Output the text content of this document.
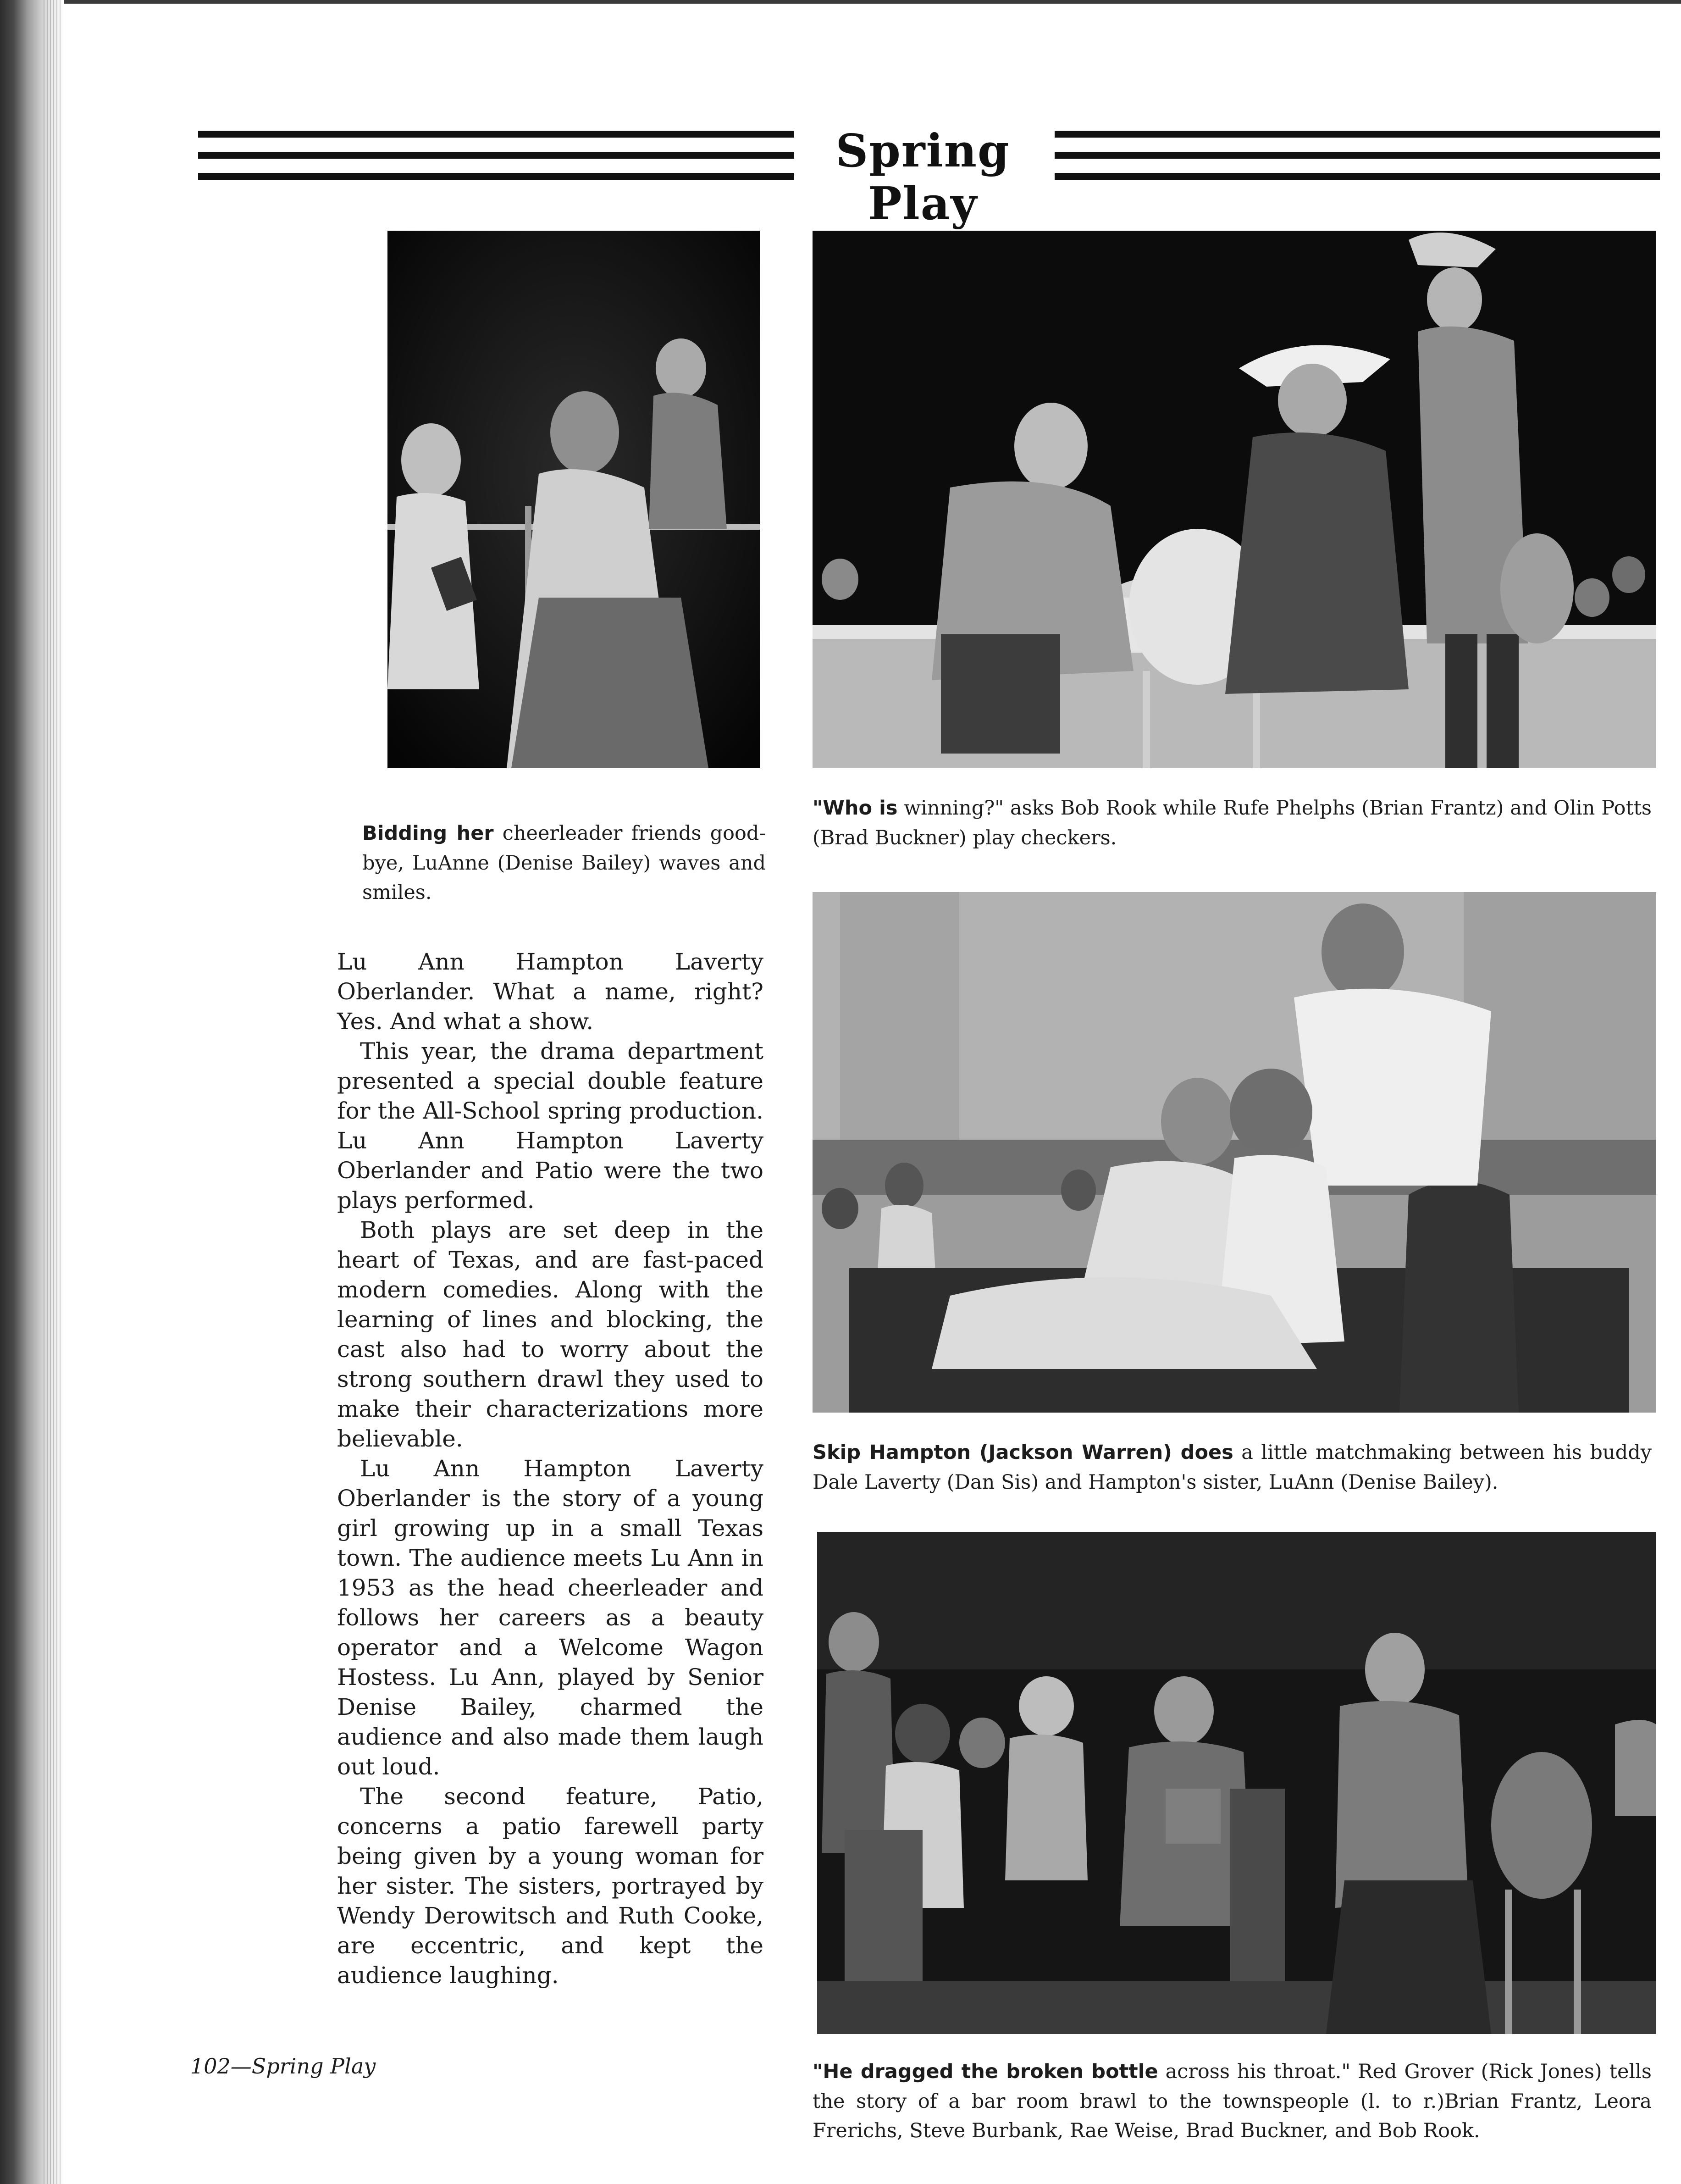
Spring Play
Bidding her cheerleader friends good-bye, LuAnne (Denise Bailey) waves and smiles.
"Who is winning?" asks Bob Rook while Rufe Phelphs (Brian Frantz) and Olin Potts (Brad Buckner) play checkers.
Skip Hampton (Jackson Warren) does a little matchmaking between his buddy Dale Laverty (Dan Sis) and Hampton's sister, LuAnn (Denise Bailey).
"He dragged the broken bottle across his throat." Red Grover (Rick Jones) tells the story of a bar room brawl to the townspeople (l. to r.)Brian Frantz, Leora Frerichs, Steve Burbank, Rae Weise, Brad Buckner, and Bob Rook.

Lu Ann Hampton Laverty Oberlander. What a name, right? Yes. And what a show.

This year, the drama department presented a special double feature for the All-School spring production. Lu Ann Hampton Laverty Oberlander and Patio were the two plays performed.

Both plays are set deep in the heart of Texas, and are fast-paced modern comedies. Along with the learning of lines and blocking, the cast also had to worry about the strong southern drawl they used to make their characterizations more believable.

Lu Ann Hampton Laverty Oberlander is the story of a young girl growing up in a small Texas town. The audience meets Lu Ann in 1953 as the head cheerleader and follows her careers as a beauty operator and a Welcome Wagon Hostess. Lu Ann, played by Senior Denise Bailey, charmed the audience and also made them laugh out loud.

The second feature, Patio, concerns a patio farewell party being given by a young woman for her sister. The sisters, portrayed by Wendy Derowitsch and Ruth Cooke, are eccentric, and kept the audience laughing.

102—Spring Play
